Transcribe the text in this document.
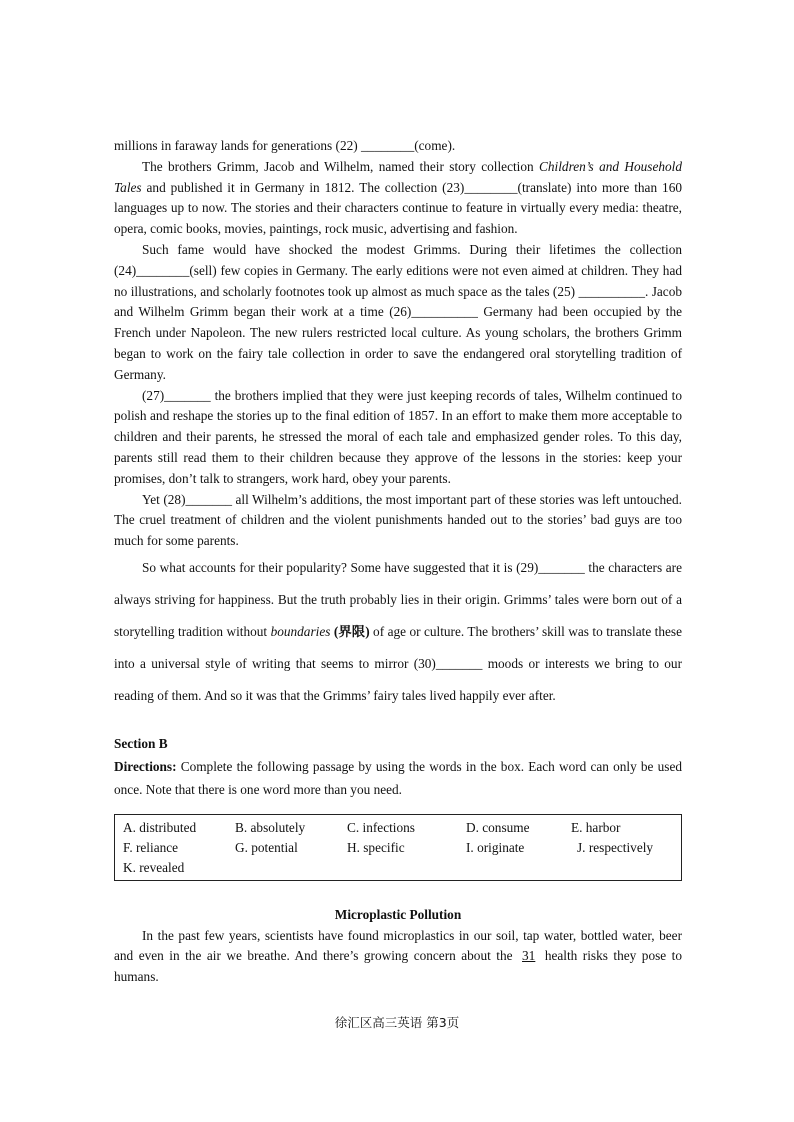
millions in faraway lands for generations (22) ________(come).

The brothers Grimm, Jacob and Wilhelm, named their story collection Children’s and Household Tales and published it in Germany in 1812. The collection (23)________(translate) into more than 160 languages up to now. The stories and their characters continue to feature in virtually every media: theatre, opera, comic books, movies, paintings, rock music, advertising and fashion.

Such fame would have shocked the modest Grimms. During their lifetimes the collection (24)________(sell) few copies in Germany. The early editions were not even aimed at children. They had no illustrations, and scholarly footnotes took up almost as much space as the tales (25) __________. Jacob and Wilhelm Grimm began their work at a time (26)__________ Germany had been occupied by the French under Napoleon. The new rulers restricted local culture. As young scholars, the brothers Grimm began to work on the fairy tale collection in order to save the endangered oral storytelling tradition of Germany.

(27)_______ the brothers implied that they were just keeping records of tales, Wilhelm continued to polish and reshape the stories up to the final edition of 1857. In an effort to make them more acceptable to children and their parents, he stressed the moral of each tale and emphasized gender roles. To this day, parents still read them to their children because they approve of the lessons in the stories: keep your promises, don’t talk to strangers, work hard, obey your parents.

Yet (28)_______ all Wilhelm’s additions, the most important part of these stories was left untouched. The cruel treatment of children and the violent punishments handed out to the stories’ bad guys are too much for some parents.

So what accounts for their popularity? Some have suggested that it is (29)_______ the characters are always striving for happiness. But the truth probably lies in their origin. Grimms’ tales were born out of a storytelling tradition without boundaries (界限) of age or culture. The brothers’ skill was to translate these into a universal style of writing that seems to mirror (30)_______ moods or interests we bring to our reading of them. And so it was that the Grimms’ fairy tales lived happily ever after.

Section B

Directions: Complete the following passage by using the words in the box. Each word can only be used once. Note that there is one word more than you need.

A. distributed	B. absolutely	C. infections	D. consume	E. harbor
F. reliance	G. potential	H. specific	I. originate	J. respectively
K. revealed

Microplastic Pollution

In the past few years, scientists have found microplastics in our soil, tap water, bottled water, beer and even in the air we breathe. And there’s growing concern about the 31 health risks they pose to humans.

徐汇区高三英语 第3页
